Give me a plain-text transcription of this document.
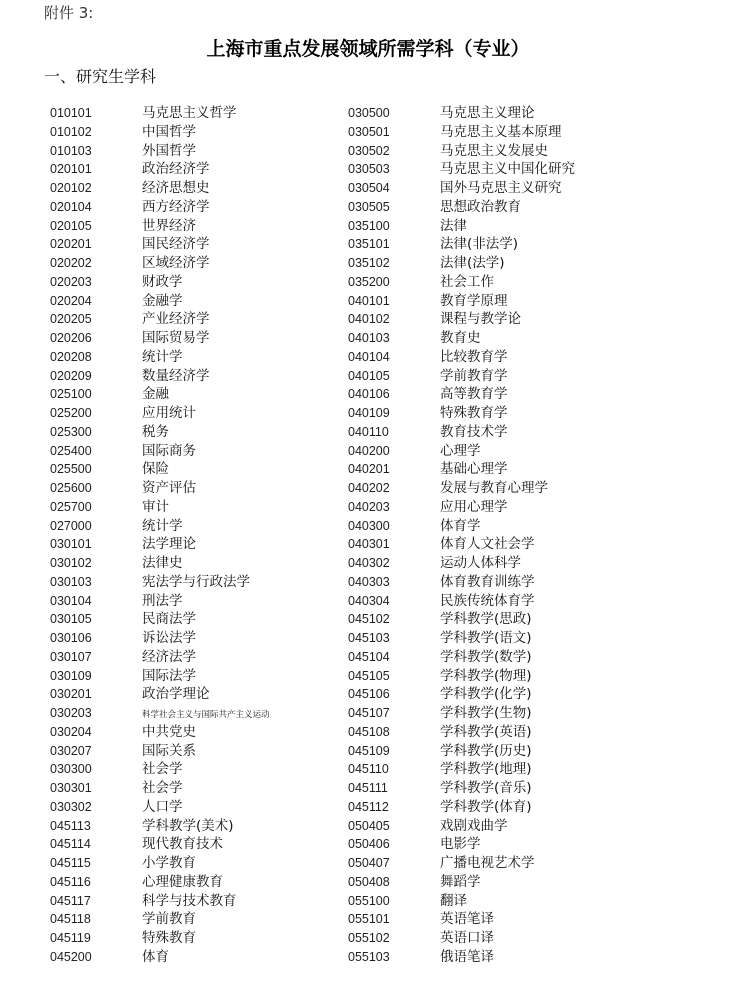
附件 3:
上海市重点发展领域所需学科（专业）
一、研究生学科
010101	马克思主义哲学
010102	中国哲学
010103	外国哲学
020101	政治经济学
020102	经济思想史
020104	西方经济学
020105	世界经济
020201	国民经济学
020202	区域经济学
020203	财政学
020204	金融学
020205	产业经济学
020206	国际贸易学
020208	统计学
020209	数量经济学
025100	金融
025200	应用统计
025300	税务
025400	国际商务
025500	保险
025600	资产评估
025700	审计
027000	统计学
030101	法学理论
030102	法律史
030103	宪法学与行政法学
030104	刑法学
030105	民商法学
030106	诉讼法学
030107	经济法学
030109	国际法学
030201	政治学理论
030203	科学社会主义与国际共产主义运动
030204	中共党史
030207	国际关系
030300	社会学
030301	社会学
030302	人口学
045113	学科教学(美术)
045114	现代教育技术
045115	小学教育
045116	心理健康教育
045117	科学与技术教育
045118	学前教育
045119	特殊教育
045200	体育
030500	马克思主义理论
030501	马克思主义基本原理
030502	马克思主义发展史
030503	马克思主义中国化研究
030504	国外马克思主义研究
030505	思想政治教育
035100	法律
035101	法律(非法学)
035102	法律(法学)
035200	社会工作
040101	教育学原理
040102	课程与教学论
040103	教育史
040104	比较教育学
040105	学前教育学
040106	高等教育学
040109	特殊教育学
040110	教育技术学
040200	心理学
040201	基础心理学
040202	发展与教育心理学
040203	应用心理学
040300	体育学
040301	体育人文社会学
040302	运动人体科学
040303	体育教育训练学
040304	民族传统体育学
045102	学科教学(思政)
045103	学科教学(语文)
045104	学科教学(数学)
045105	学科教学(物理)
045106	学科教学(化学)
045107	学科教学(生物)
045108	学科教学(英语)
045109	学科教学(历史)
045110	学科教学(地理)
045111	学科教学(音乐)
045112	学科教学(体育)
050405	戏剧戏曲学
050406	电影学
050407	广播电视艺术学
050408	舞蹈学
055100	翻译
055101	英语笔译
055102	英语口译
055103	俄语笔译
